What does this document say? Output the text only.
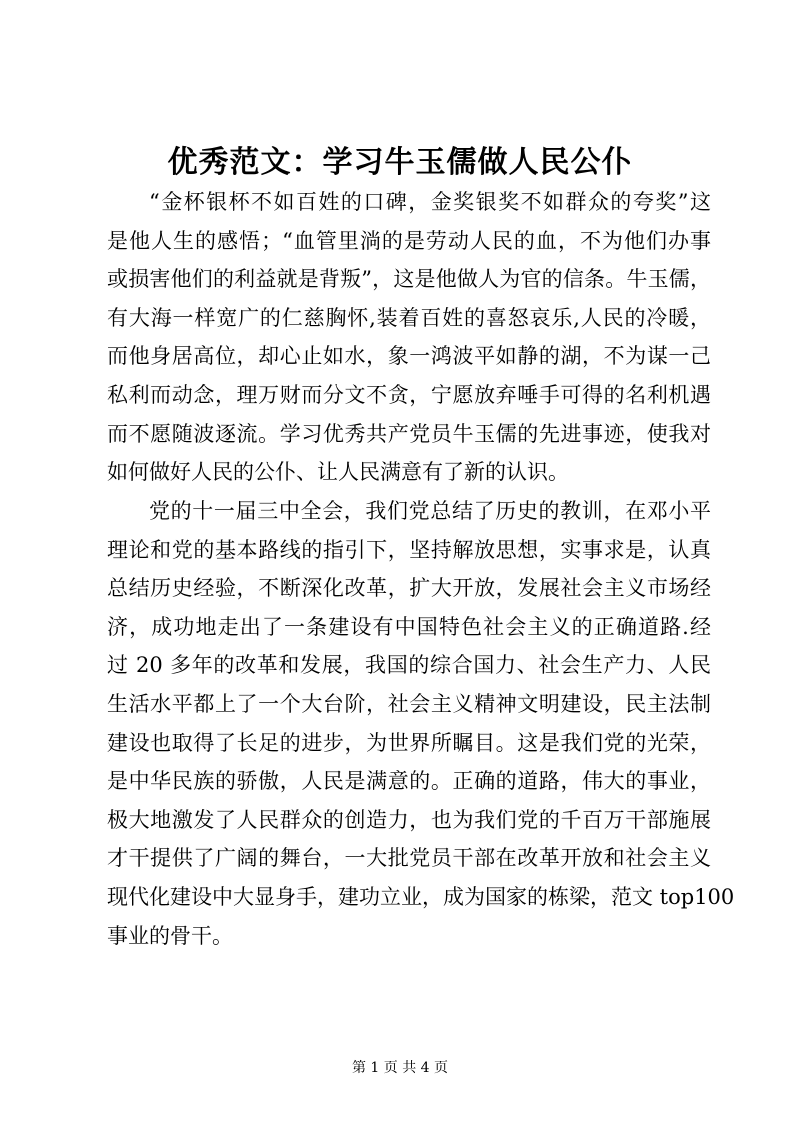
优秀范文：学习牛玉儒做人民公仆
“金杯银杯不如百姓的口碑，金奖银奖不如群众的夸奖”这
是他人生的感悟；“血管里淌的是劳动人民的血，不为他们办事
或损害他们的利益就是背叛”，这是他做人为官的信条。牛玉儒，
有大海一样宽广的仁慈胸怀,装着百姓的喜怒哀乐,人民的冷暖，
而他身居高位，却心止如水，象一鸿波平如静的湖，不为谋一己
私利而动念，理万财而分文不贪，宁愿放弃唾手可得的名利机遇
而不愿随波逐流。学习优秀共产党员牛玉儒的先进事迹，使我对
如何做好人民的公仆、让人民满意有了新的认识。
党的十一届三中全会，我们党总结了历史的教训，在邓小平
理论和党的基本路线的指引下，坚持解放思想，实事求是，认真
总结历史经验，不断深化改革，扩大开放，发展社会主义市场经
济，成功地走出了一条建设有中国特色社会主义的正确道路.经
过 20 多年的改革和发展，我国的综合国力、社会生产力、人民
生活水平都上了一个大台阶，社会主义精神文明建设，民主法制
建设也取得了长足的进步，为世界所瞩目。这是我们党的光荣，
是中华民族的骄傲，人民是满意的。正确的道路，伟大的事业，
极大地激发了人民群众的创造力，也为我们党的千百万干部施展
才干提供了广阔的舞台，一大批党员干部在改革开放和社会主义
现代化建设中大显身手，建功立业，成为国家的栋梁，范文 top100
事业的骨干。
第 1 页 共 4 页
